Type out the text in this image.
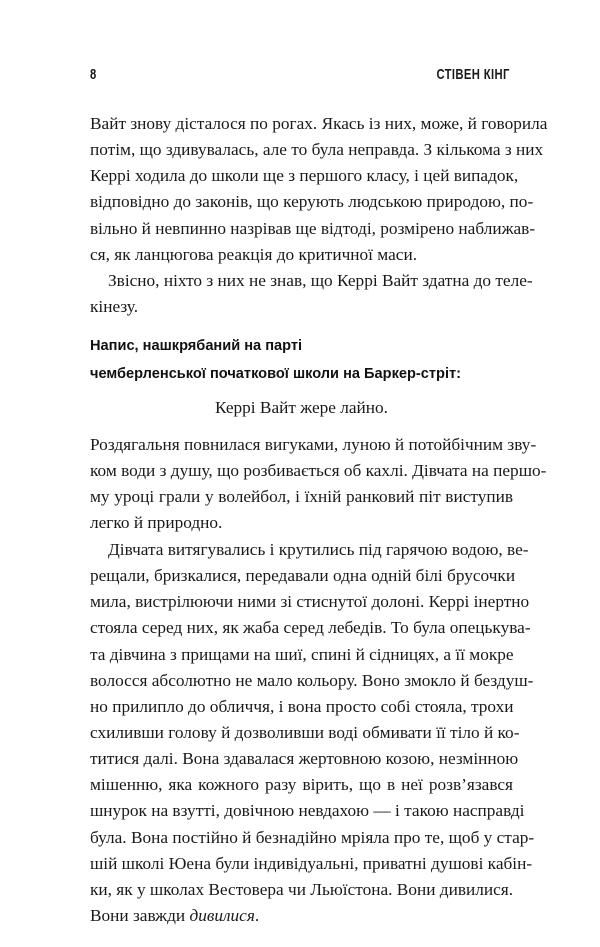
8	СТІВЕН КІНГ
Вайт знову дісталося по рогах. Якась із них, може, й говорила
потім, що здивувалась, але то була неправда. З кількома з них
Керрі ходила до школи ще з першого класу, і цей випадок,
відповідно до законів, що керують людською природою, по-
вільно й невпинно назрівав ще відтоді, розмірено наближав-
ся, як ланцюгова реакція до критичної маси.
Звісно, ніхто з них не знав, що Керрі Вайт здатна до теле-
кінезу.
Напис, нашкрябаний на парті
чемберленської початкової школи на Баркер-стріт:
Керрі Вайт жере лайно.
Роздягальня повнилася вигуками, луною й потойбічним зву-
ком води з душу, що розбивається об кахлі. Дівчата на першо-
му уроці грали у волейбол, і їхній ранковий піт виступив
легко й природно.
Дівчата витягувались і крутились під гарячою водою, ве-
рещали, бризкалися, передавали одна одній білі брусочки
мила, вистрілюючи ними зі стиснутої долоні. Керрі інертно
стояла серед них, як жаба серед лебедів. То була опецькува-
та дівчина з прищами на шиї, спині й сідницях, а її мокре
волосся абсолютно не мало кольору. Воно змокло й бездуш-
но прилипло до обличчя, і вона просто собі стояла, трохи
схиливши голову й дозволивши воді обмивати її тіло й ко-
титися далі. Вона здавалася жертовною козою, незмінною
мішенню, яка кожного разу вірить, що в неї розв’язався
шнурок на взутті, довічною невдахою — і такою насправді
була. Вона постійно й безнадійно мріяла про те, щоб у стар-
шій школі Юена були індивідуальні, приватні душові кабін-
ки, як у школах Вестовера чи Льюїстона. Вони дивилися.
Вони завжди дивилися.
